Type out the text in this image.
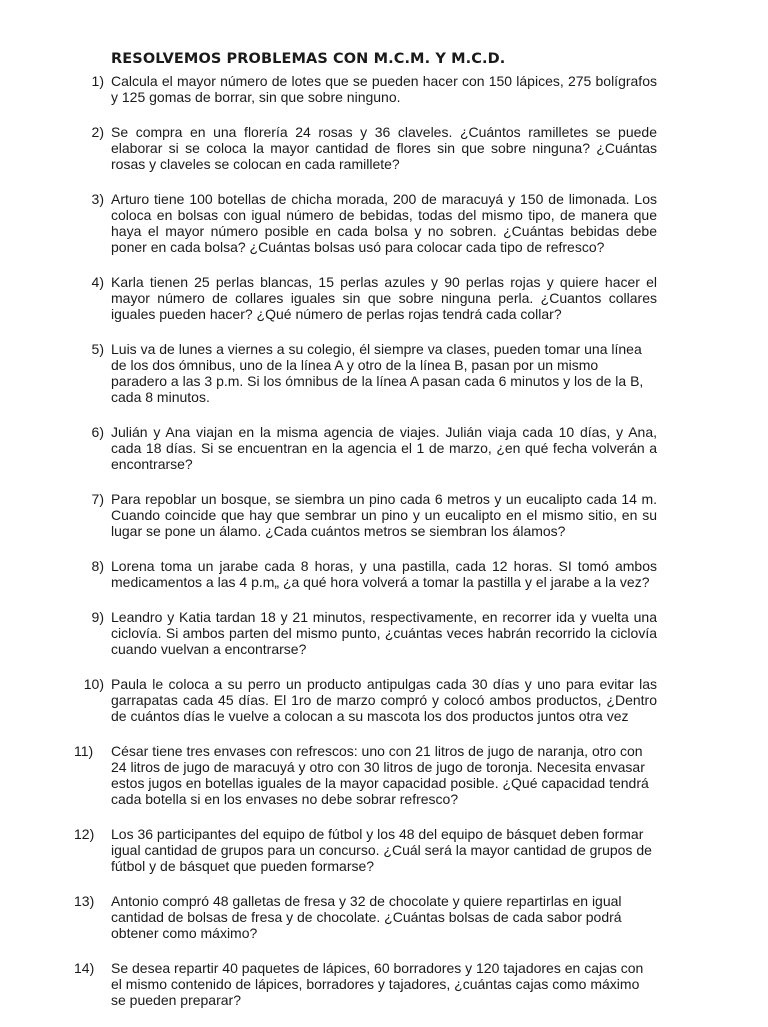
RESOLVEMOS PROBLEMAS CON M.C.M. Y M.C.D.
1) Calcula el mayor número de lotes que se pueden hacer con 150 lápices, 275 bolígrafos y 125 gomas de borrar, sin que sobre ninguno.
2) Se compra en una florería 24 rosas y 36 claveles. ¿Cuántos ramilletes se puede elaborar si se coloca la mayor cantidad de flores sin que sobre ninguna? ¿Cuántas rosas y claveles se colocan en cada ramillete?
3) Arturo tiene 100 botellas de chicha morada, 200 de maracuyá y 150 de limonada. Los coloca en bolsas con igual número de bebidas, todas del mismo tipo, de manera que haya el mayor número posible en cada bolsa y no sobren. ¿Cuántas bebidas debe poner en cada bolsa? ¿Cuántas bolsas usó para colocar cada tipo de refresco?
4) Karla tienen 25 perlas blancas, 15 perlas azules y 90 perlas rojas y quiere hacer el mayor número de collares iguales sin que sobre ninguna perla. ¿Cuantos collares iguales pueden hacer? ¿Qué número de perlas rojas tendrá cada collar?
5) Luis va de lunes a viernes a su colegio, él siempre va clases, pueden tomar una línea de los dos ómnibus, uno de la línea A y otro de la línea B, pasan por un mismo paradero a las 3 p.m. Si los ómnibus de la línea A pasan cada 6 minutos y los de la B, cada 8 minutos.
6) Julián y Ana viajan en la misma agencia de viajes. Julián viaja cada 10 días, y Ana, cada 18 días. Si se encuentran en la agencia el 1 de marzo, ¿en qué fecha volverán a encontrarse?
7) Para repoblar un bosque, se siembra un pino cada 6 metros y un eucalipto cada 14 m. Cuando coincide que hay que sembrar un pino y un eucalipto en el mismo sitio, en su lugar se pone un álamo. ¿Cada cuántos metros se siembran los álamos?
8) Lorena toma un jarabe cada 8 horas, y una pastilla, cada 12 horas. SI tomó ambos medicamentos a las 4 p.m„ ¿a qué hora volverá a tomar la pastilla y el jarabe a la vez?
9) Leandro y Katia tardan 18 y 21 minutos, respectivamente, en recorrer ida y vuelta una ciclovía. Si ambos parten del mismo punto, ¿cuántas veces habrán recorrido la ciclovía cuando vuelvan a encontrarse?
10) Paula le coloca a su perro un producto antipulgas cada 30 días y uno para evitar las garrapatas cada 45 días. El 1ro de marzo compró y colocó ambos productos, ¿Dentro de cuántos días le vuelve a colocan a su mascota los dos productos juntos otra vez
11)	César tiene tres envases con refrescos: uno con 21 litros de jugo de naranja, otro con 24 litros de jugo de maracuyá y otro con 30 litros de jugo de toronja. Necesita envasar estos jugos en botellas iguales de la mayor capacidad posible. ¿Qué capacidad tendrá cada botella si en los envases no debe sobrar refresco?
12)	Los 36 participantes del equipo de fútbol y los 48 del equipo de básquet deben formar igual cantidad de grupos para un concurso. ¿Cuál será la mayor cantidad de grupos de fútbol y de básquet que pueden formarse?
13)	Antonio compró 48 galletas de fresa y 32 de chocolate y quiere repartirlas en igual cantidad de bolsas de fresa y de chocolate. ¿Cuántas bolsas de cada sabor podrá obtener como máximo?
14)	Se desea repartir 40 paquetes de lápices, 60 borradores y 120 tajadores en cajas con el mismo contenido de lápices, borradores y tajadores, ¿cuántas cajas como máximo se pueden preparar?
